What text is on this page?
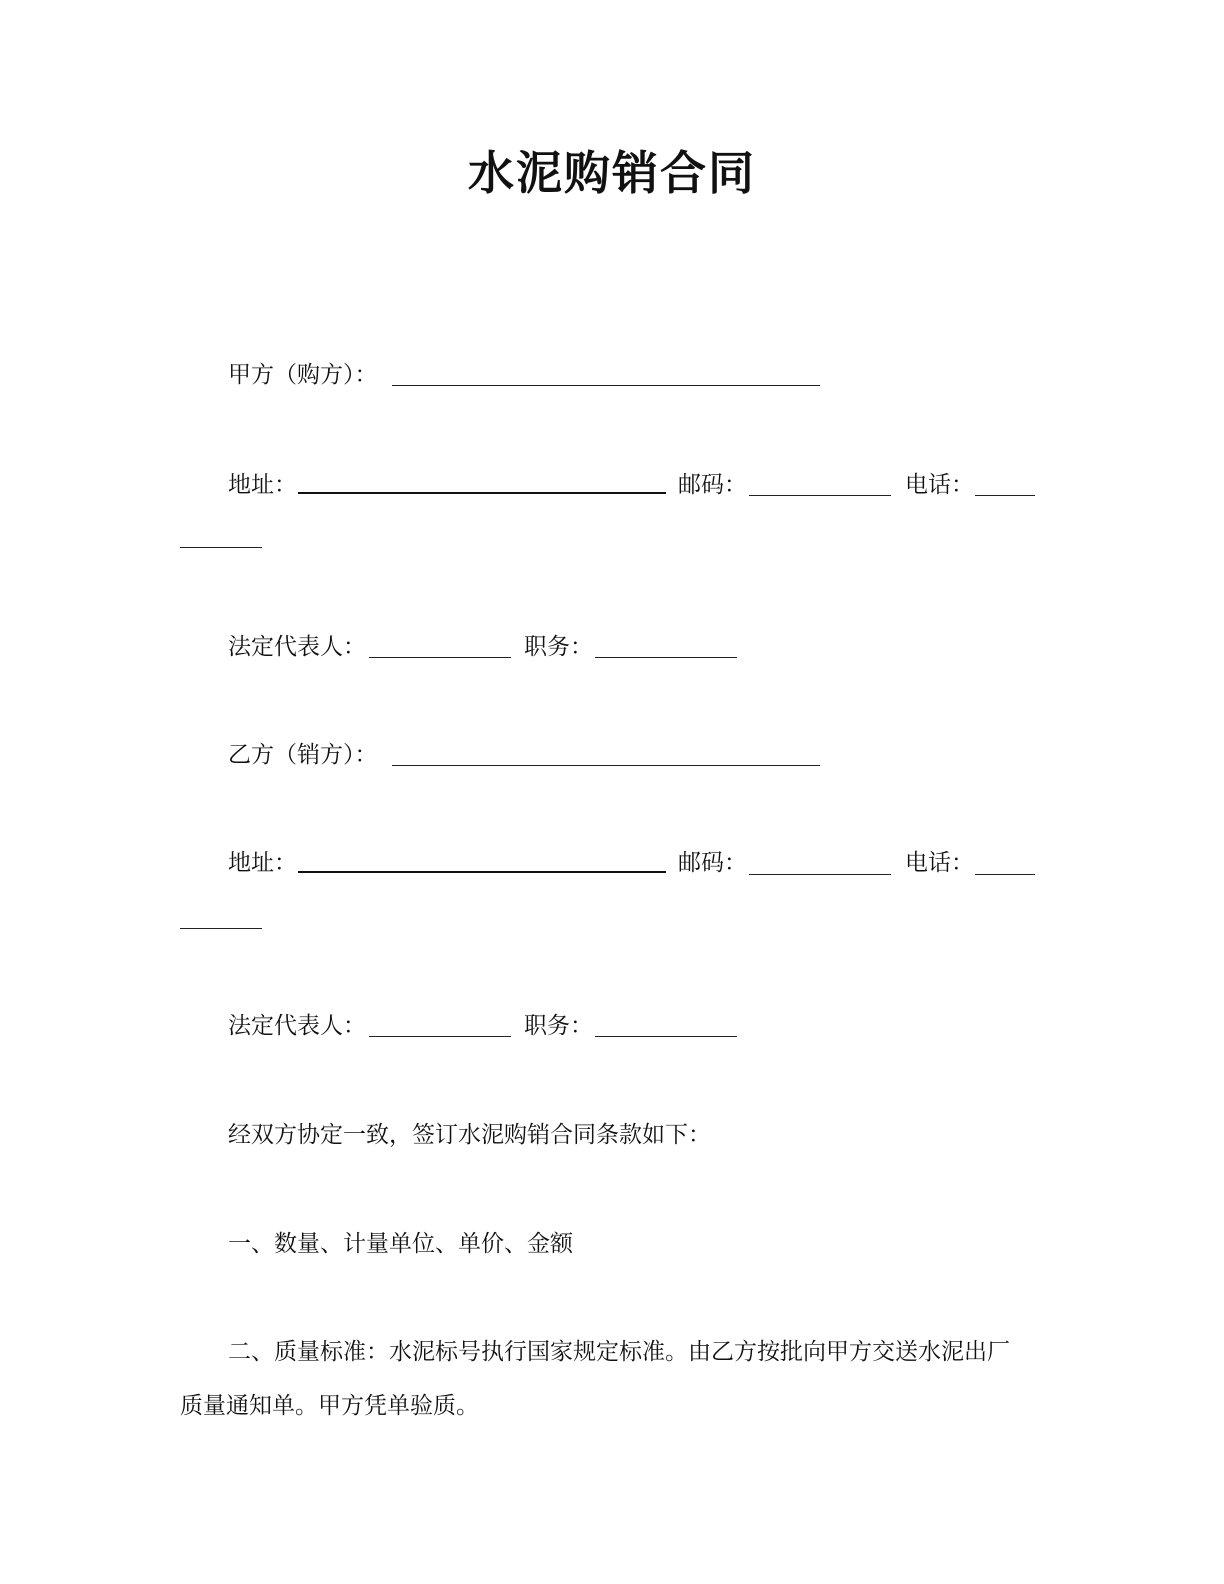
水泥购销合同
甲方（购方）：
地址：	邮码：	电话：
法定代表人：	职务：
乙方（销方）：
地址：	邮码：	电话：
法定代表人：	职务：
经双方协定一致，签订水泥购销合同条款如下：
一、数量、计量单位、单价、金额
二、质量标准：水泥标号执行国家规定标准。由乙方按批向甲方交送水泥出厂
质量通知单。甲方凭单验质。
